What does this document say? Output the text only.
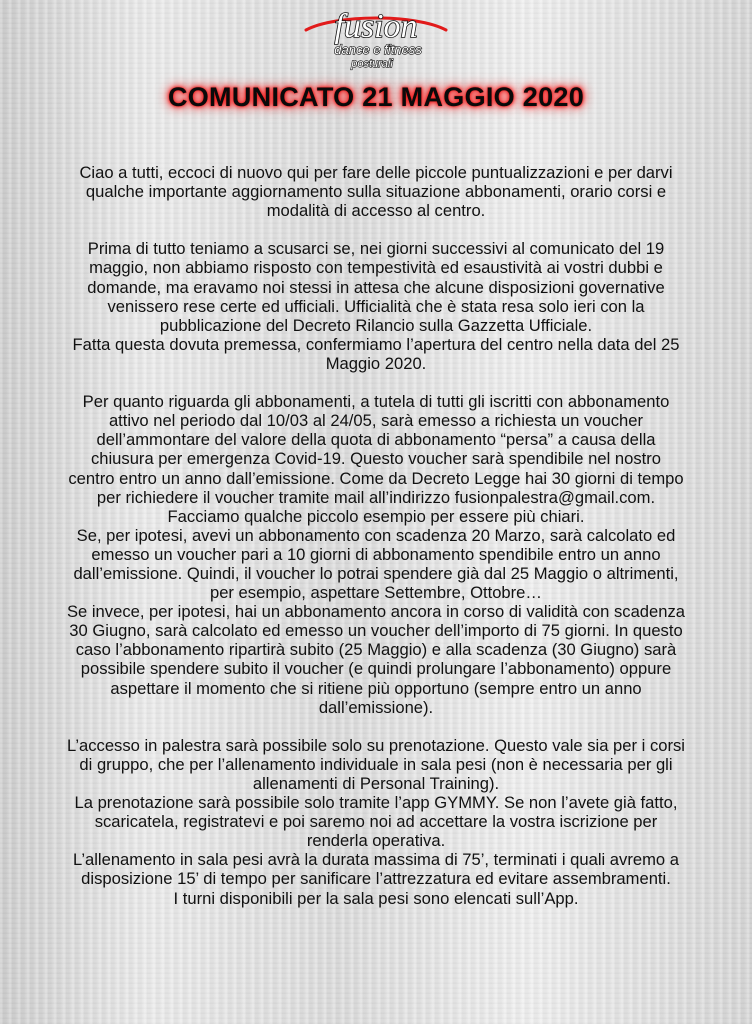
fusion
dance e fitness
posturali
COMUNICATO 21 MAGGIO 2020

Ciao a tutti, eccoci di nuovo qui per fare delle piccole puntualizzazioni e per darvi
qualche importante aggiornamento sulla situazione abbonamenti, orario corsi e
modalità di accesso al centro.

Prima di tutto teniamo a scusarci se, nei giorni successivi al comunicato del 19
maggio, non abbiamo risposto con tempestività ed esaustività ai vostri dubbi e
domande, ma eravamo noi stessi in attesa che alcune disposizioni governative
venissero rese certe ed ufficiali. Ufficialità che è stata resa solo ieri con la
pubblicazione del Decreto Rilancio sulla Gazzetta Ufficiale.
Fatta questa dovuta premessa, confermiamo l’apertura del centro nella data del 25
Maggio 2020.

Per quanto riguarda gli abbonamenti, a tutela di tutti gli iscritti con abbonamento
attivo nel periodo dal 10/03 al 24/05, sarà emesso a richiesta un voucher
dell’ammontare del valore della quota di abbonamento “persa” a causa della
chiusura per emergenza Covid-19. Questo voucher sarà spendibile nel nostro
centro entro un anno dall’emissione. Come da Decreto Legge hai 30 giorni di tempo
per richiedere il voucher tramite mail all’indirizzo fusionpalestra@gmail.com.
Facciamo qualche piccolo esempio per essere più chiari.
Se, per ipotesi, avevi un abbonamento con scadenza 20 Marzo, sarà calcolato ed
emesso un voucher pari a 10 giorni di abbonamento spendibile entro un anno
dall’emissione. Quindi, il voucher lo potrai spendere già dal 25 Maggio o altrimenti,
per esempio, aspettare Settembre, Ottobre…
Se invece, per ipotesi, hai un abbonamento ancora in corso di validità con scadenza
30 Giugno, sarà calcolato ed emesso un voucher dell’importo di 75 giorni. In questo
caso l’abbonamento ripartirà subito (25 Maggio) e alla scadenza (30 Giugno) sarà
possibile spendere subito il voucher (e quindi prolungare l’abbonamento) oppure
aspettare il momento che si ritiene più opportuno (sempre entro un anno
dall’emissione).

L’accesso in palestra sarà possibile solo su prenotazione. Questo vale sia per i corsi
di gruppo, che per l’allenamento individuale in sala pesi (non è necessaria per gli
allenamenti di Personal Training).
La prenotazione sarà possibile solo tramite l’app GYMMY. Se non l’avete già fatto,
scaricatela, registratevi e poi saremo noi ad accettare la vostra iscrizione per
renderla operativa.
L’allenamento in sala pesi avrà la durata massima di 75’, terminati i quali avremo a
disposizione 15’ di tempo per sanificare l’attrezzatura ed evitare assembramenti.
I turni disponibili per la sala pesi sono elencati sull’App.
